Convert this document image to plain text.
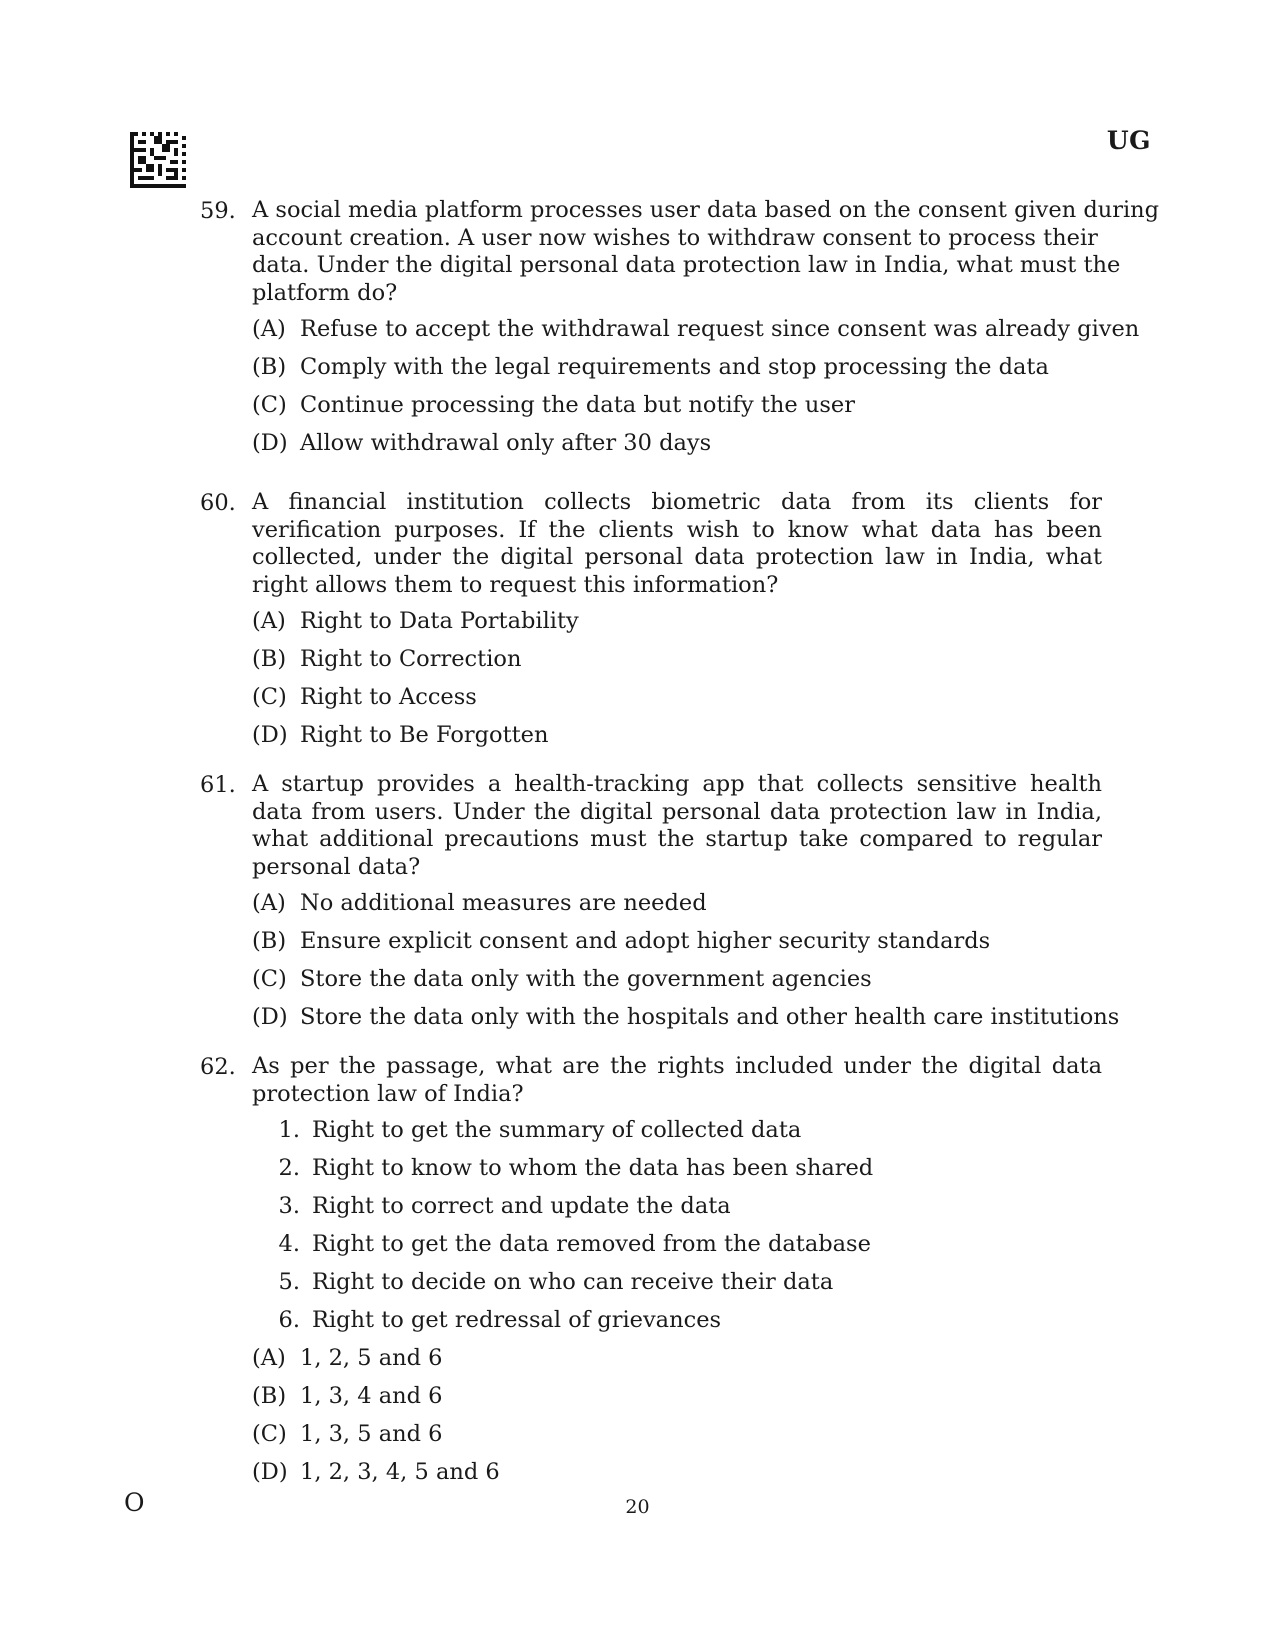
UG
59. A social media platform processes user data based on the consent given during account creation. A user now wishes to withdraw consent to process their data. Under the digital personal data protection law in India, what must the platform do?
(A) Refuse to accept the withdrawal request since consent was already given
(B) Comply with the legal requirements and stop processing the data
(C) Continue processing the data but notify the user
(D) Allow withdrawal only after 30 days
60. A financial institution collects biometric data from its clients for verification purposes. If the clients wish to know what data has been collected, under the digital personal data protection law in India, what right allows them to request this information?
(A) Right to Data Portability
(B) Right to Correction
(C) Right to Access
(D) Right to Be Forgotten
61. A startup provides a health-tracking app that collects sensitive health data from users. Under the digital personal data protection law in India, what additional precautions must the startup take compared to regular personal data?
(A) No additional measures are needed
(B) Ensure explicit consent and adopt higher security standards
(C) Store the data only with the government agencies
(D) Store the data only with the hospitals and other health care institutions
62. As per the passage, what are the rights included under the digital data protection law of India?
1. Right to get the summary of collected data
2. Right to know to whom the data has been shared
3. Right to correct and update the data
4. Right to get the data removed from the database
5. Right to decide on who can receive their data
6. Right to get redressal of grievances
(A) 1, 2, 5 and 6
(B) 1, 3, 4 and 6
(C) 1, 3, 5 and 6
(D) 1, 2, 3, 4, 5 and 6
O	20
